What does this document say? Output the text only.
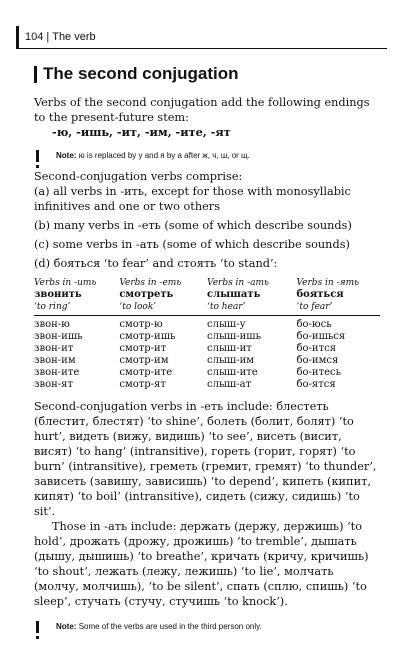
104 | The verb
The second conjugation

Verbs of the second conjugation add the following endings to the present-future stem:

-ю, -ишь, -ит, -им, -ите, -ят

Note: ю is replaced by у and я by а after ж, ч, ш, or щ.

Second-conjugation verbs comprise:

(a) all verbs in -ить, except for those with monosyllabic infinitives and one or two others

(b) many verbs in -еть (some of which describe sounds)

(c) some verbs in -ать (some of which describe sounds)

(d) бояться ‘to fear’ and стоять ‘to stand’:

Verbs in -ить	Verbs in -еть	Verbs in -ать	Verbs in -ять
звонить	смотреть	слышать	бояться
‘to ring’	‘to look’	‘to hear’	‘to fear’
звон-ю	смотр-ю	слыш-у	бо-юсь
звон-ишь	смотр-ишь	слыш-ишь	бо-ишься
звон-ит	смотр-ит	слыш-ит	бо-ится
звон-им	смотр-им	слыш-им	бо-имся
звон-ите	смотр-ите	слыш-ите	бо-итесь
звон-ят	смотр-ят	слыш-ат	бо-ятся

Second-conjugation verbs in -еть include: блестеть (блестит, блестят) ‘to shine’, болеть (болит, болят) ‘to hurt’, видеть (вижу, видишь) ‘to see’, висеть (висит, висят) ‘to hang’ (intransitive), гореть (горит, горят) ‘to burn’ (intransitive), греметь (гремит, гремят) ‘to thunder’, зависеть (завишу, зависишь) ‘to depend’, кипеть (кипит, кипят) ‘to boil’ (intransitive), сидеть (сижу, сидишь) ‘to sit’.

Those in -ать include: держать (держу, держишь) ‘to hold’, дрожать (дрожу, дрожишь) ‘to tremble’, дышать (дышу, дышишь) ‘to breathe’, кричать (кричу, кричишь) ‘to shout’, лежать (лежу, лежишь) ‘to lie’, молчать (молчу, молчишь), ‘to be silent’, спать (сплю, спишь) ‘to sleep’, стучать (стучу, стучишь ‘to knock’).

Note: Some of the verbs are used in the third person only.
